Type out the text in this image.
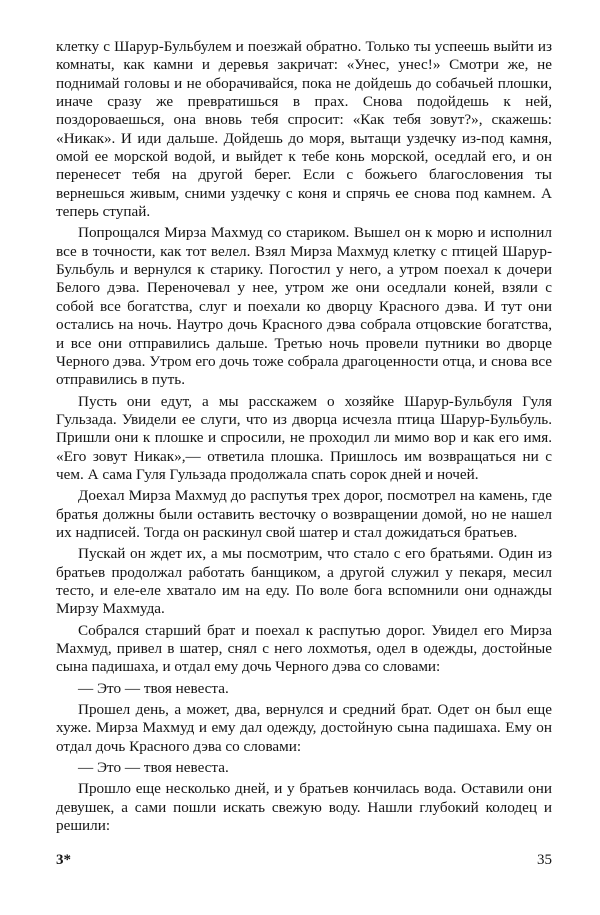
клетку с Шарур-Бульбулем и поезжай обратно. Только ты успеешь выйти из комнаты, как камни и деревья закричат: «Унес, унес!» Смотри же, не поднимай головы и не оборачивайся, пока не дойдешь до собачьей плошки, иначе сразу же превратишься в прах. Снова подойдешь к ней, поздороваешься, она вновь тебя спросит: «Как тебя зовут?», скажешь: «Никак». И иди дальше. Дойдешь до моря, вытащи уздечку из-под камня, омой ее морской водой, и выйдет к тебе конь морской, оседлай его, и он перенесет тебя на другой берег. Если с божьего благословения ты вернешься живым, сними уздечку с коня и спрячь ее снова под камнем. А теперь ступай.

Попрощался Мирза Махмуд со стариком. Вышел он к морю и исполнил все в точности, как тот велел. Взял Мирза Махмуд клетку с птицей Шарур-Бульбуль и вернулся к старику. Погостил у него, а утром поехал к дочери Белого дэва. Переночевал у нее, утром же они оседлали коней, взяли с собой все богатства, слуг и поехали ко дворцу Красного дэва. И тут они остались на ночь. Наутро дочь Красного дэва собрала отцовские богатства, и все они отправились дальше. Третью ночь провели путники во дворце Черного дэва. Утром его дочь тоже собрала драгоценности отца, и снова все отправились в путь.

Пусть они едут, а мы расскажем о хозяйке Шарур-Бульбуля Гуля Гульзада. Увидели ее слуги, что из дворца исчезла птица Шарур-Бульбуль. Пришли они к плошке и спросили, не проходил ли мимо вор и как его имя. «Его зовут Никак»,— ответила плошка. Пришлось им возвращаться ни с чем. А сама Гуля Гульзада продолжала спать сорок дней и ночей.

Доехал Мирза Махмуд до распутья трех дорог, посмотрел на камень, где братья должны были оставить весточку о возвращении домой, но не нашел их надписей. Тогда он раскинул свой шатер и стал дожидаться братьев.

Пускай он ждет их, а мы посмотрим, что стало с его братьями. Один из братьев продолжал работать банщиком, а другой служил у пекаря, месил тесто, и еле-еле хватало им на еду. По воле бога вспомнили они однажды Мирзу Махмуда.

Собрался старший брат и поехал к распутью дорог. Увидел его Мирза Махмуд, привел в шатер, снял с него лохмотья, одел в одежды, достойные сына падишаха, и отдал ему дочь Черного дэва со словами:

— Это — твоя невеста.

Прошел день, а может, два, вернулся и средний брат. Одет он был еще хуже. Мирза Махмуд и ему дал одежду, достойную сына падишаха. Ему он отдал дочь Красного дэва со словами:

— Это — твоя невеста.

Прошло еще несколько дней, и у братьев кончилась вода. Оставили они девушек, а сами пошли искать свежую воду. Нашли глубокий колодец и решили:

3*	35
